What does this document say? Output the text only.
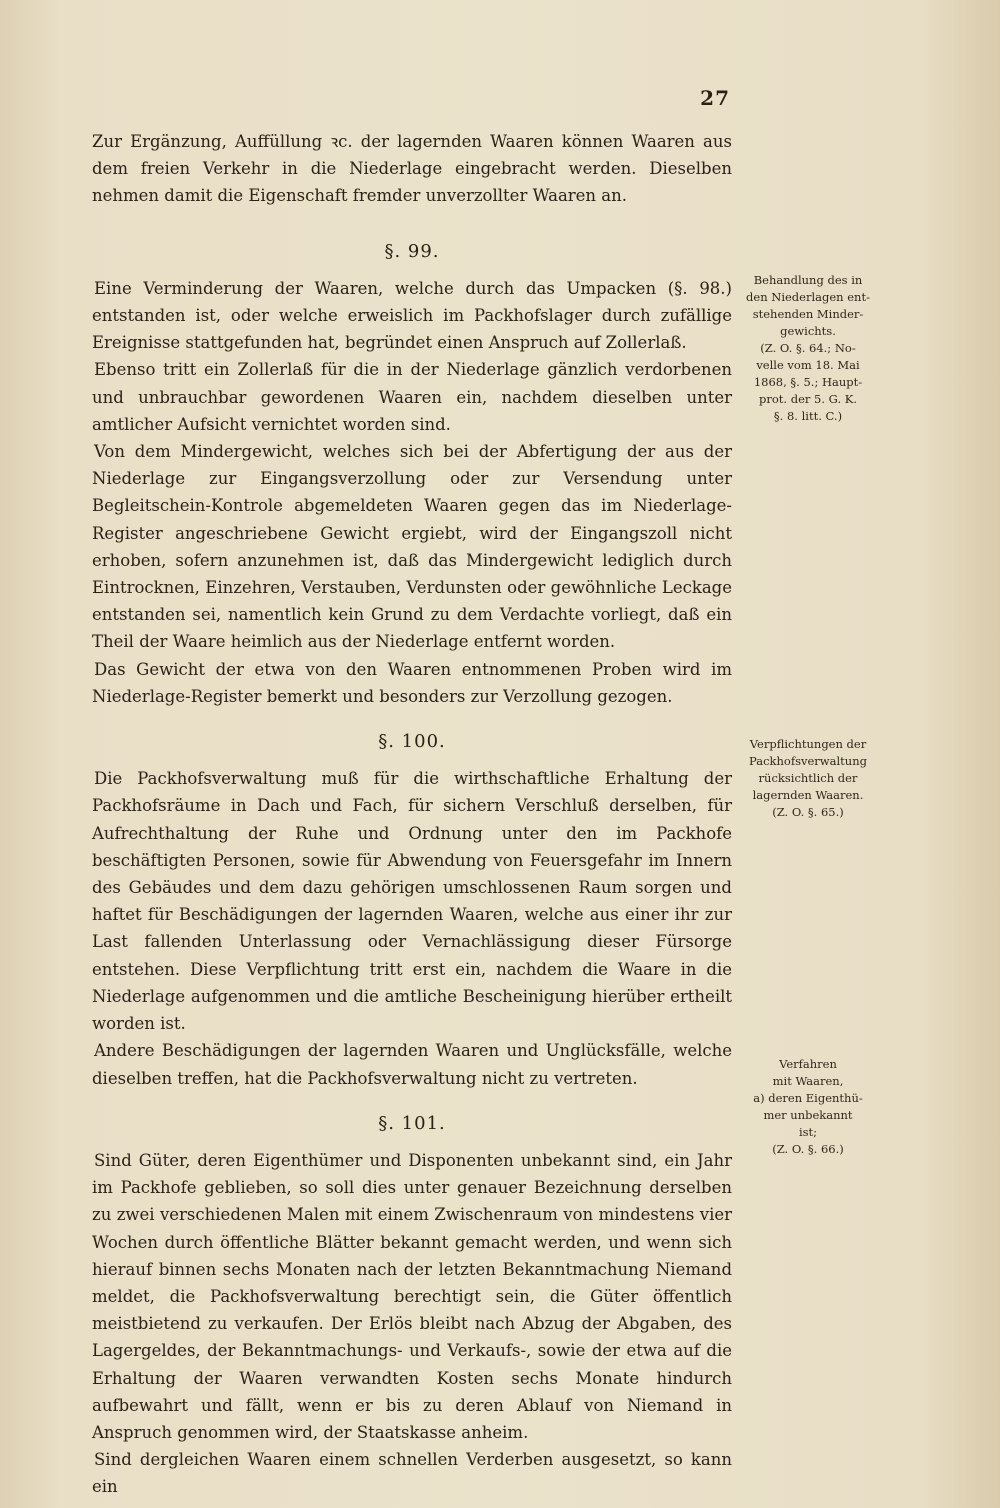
27

Zur Ergänzung, Auffüllung ꝛc. der lagernden Waaren können Waaren aus dem freien Verkehr in die Niederlage eingebracht werden. Dieselben nehmen damit die Eigenschaft fremder unverzollter Waaren an.

§. 99.

Eine Verminderung der Waaren, welche durch das Umpacken (§. 98.) entstanden ist, oder welche erweislich im Packhofslager durch zufällige Ereignisse stattgefunden hat, begründet einen Anspruch auf Zollerlaß.

Ebenso tritt ein Zollerlaß für die in der Niederlage gänzlich verdorbenen und unbrauchbar gewordenen Waaren ein, nachdem dieselben unter amtlicher Aufsicht vernichtet worden sind.

Von dem Mindergewicht, welches sich bei der Abfertigung der aus der Niederlage zur Eingangsverzollung oder zur Versendung unter Begleitschein-Kontrole abgemeldeten Waaren gegen das im Niederlage-Register angeschriebene Gewicht ergiebt, wird der Eingangszoll nicht erhoben, sofern anzunehmen ist, daß das Mindergewicht lediglich durch Eintrocknen, Einzehren, Verstauben, Verdunsten oder gewöhnliche Leckage entstanden sei, namentlich kein Grund zu dem Verdachte vorliegt, daß ein Theil der Waare heimlich aus der Niederlage entfernt worden.

Das Gewicht der etwa von den Waaren entnommenen Proben wird im Niederlage-Register bemerkt und besonders zur Verzollung gezogen.

§. 100.

Die Packhofsverwaltung muß für die wirthschaftliche Erhaltung der Packhofsräume in Dach und Fach, für sichern Verschluß derselben, für Aufrechthaltung der Ruhe und Ordnung unter den im Packhofe beschäftigten Personen, sowie für Abwendung von Feuersgefahr im Innern des Gebäudes und dem dazu gehörigen umschlossenen Raum sorgen und haftet für Beschädigungen der lagernden Waaren, welche aus einer ihr zur Last fallenden Unterlassung oder Vernachlässigung dieser Fürsorge entstehen. Diese Verpflichtung tritt erst ein, nachdem die Waare in die Niederlage aufgenommen und die amtliche Bescheinigung hierüber ertheilt worden ist.

Andere Beschädigungen der lagernden Waaren und Unglücksfälle, welche dieselben treffen, hat die Packhofsverwaltung nicht zu vertreten.

§. 101.

Sind Güter, deren Eigenthümer und Disponenten unbekannt sind, ein Jahr im Packhofe geblieben, so soll dies unter genauer Bezeichnung derselben zu zwei verschiedenen Malen mit einem Zwischenraum von mindestens vier Wochen durch öffentliche Blätter bekannt gemacht werden, und wenn sich hierauf binnen sechs Monaten nach der letzten Bekanntmachung Niemand meldet, die Packhofsverwaltung berechtigt sein, die Güter öffentlich meistbietend zu verkaufen. Der Erlös bleibt nach Abzug der Abgaben, des Lagergeldes, der Bekanntmachungs- und Verkaufs-, sowie der etwa auf die Erhaltung der Waaren verwandten Kosten sechs Monate hindurch aufbewahrt und fällt, wenn er bis zu deren Ablauf von Niemand in Anspruch genommen wird, der Staatskasse anheim.

Sind dergleichen Waaren einem schnellen Verderben ausgesetzt, so kann ein

Behandlung des in
den Niederlagen ent-
stehenden Minder-
gewichts.
(Z. O. §. 64.; No-
velle vom 18. Mai
1868, §. 5.; Haupt-
prot. der 5. G. K.
§. 8. litt. C.)
Verpflichtungen der
Packhofsverwaltung
rücksichtlich der
lagernden Waaren.
(Z. O. §. 65.)
Verfahren
mit Waaren,
a) deren Eigenthü-
mer unbekannt
ist;
(Z. O. §. 66.)
